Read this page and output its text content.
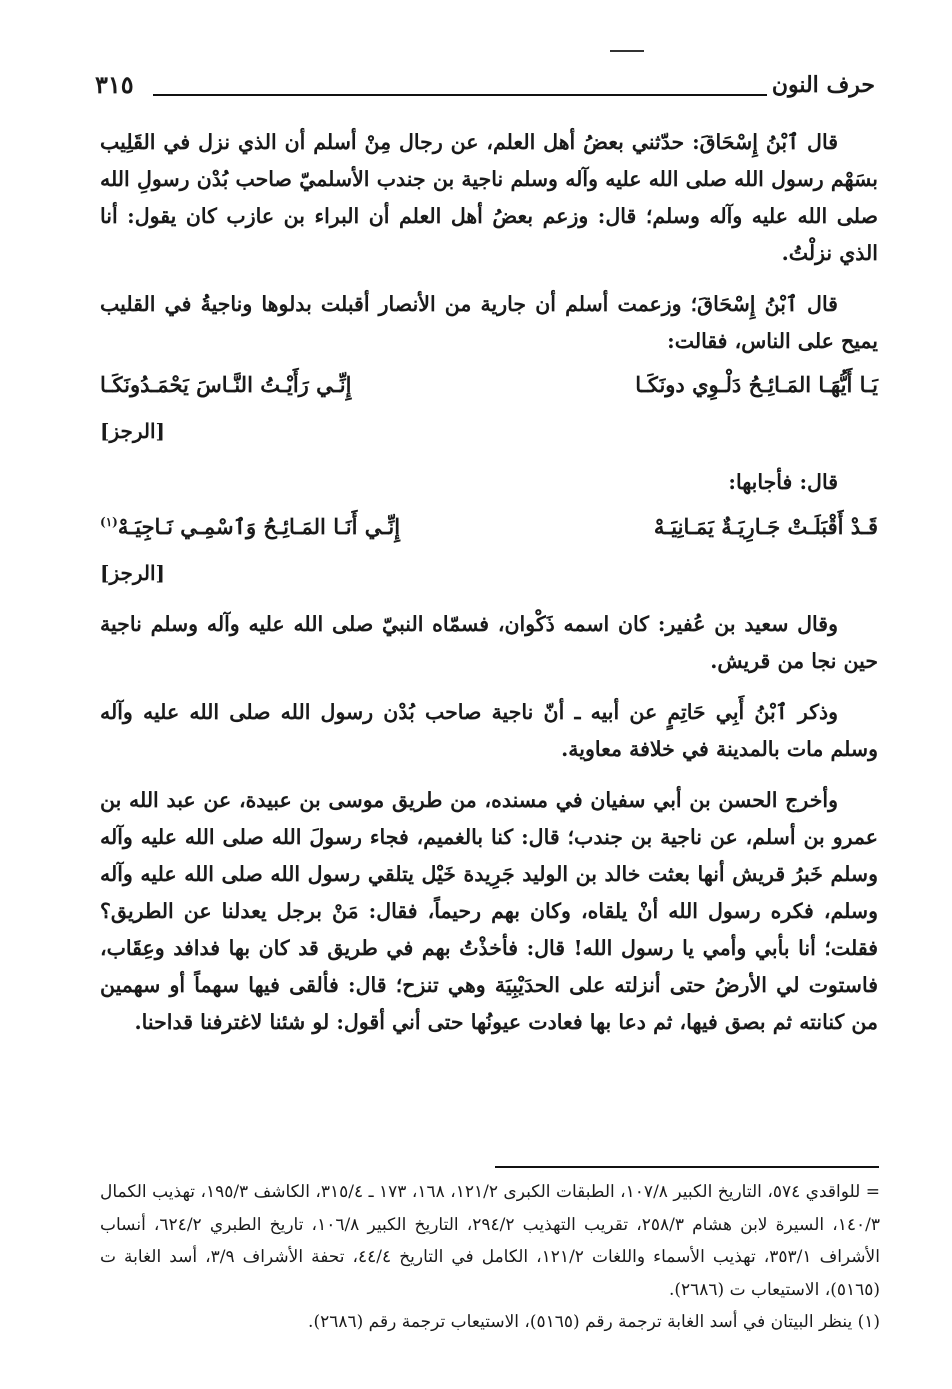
حرف النون
٣١٥

قال ٱبْنُ إِسْحَاقَ: حدّثني بعضُ أهل العلم، عن رجال مِنْ أسلم أن الذي نزل في القَلِيب بسَهْم رسول الله صلى الله عليه وآله وسلم ناجية بن جندب الأسلميّ صاحب بُدْن رسولِ الله صلى الله عليه وآله وسلم؛ قال: وزعم بعضُ أهل العلم أن البراء بن عازب كان يقول: أنا الذي نزلْتُ.

قال ٱبْنُ إِسْحَاقَ؛ وزعمت أسلم أن جارية من الأنصار أقبلت بدلوها وناجيةُ في القليب يميح على الناس، فقالت:

يَـا أَيُّهَـا المَـائِـحُ دَلْـوِي دونَكَـا
إِنِّـي رَأَيْـتُ النَّـاسَ يَحْمَـدُونَكَـا
[الرجز]
قال: فأجابها:
قَـدْ أَقْبَلَـتْ جَـارِيَـةٌ يَمَـانِيَـهْ
إِنِّـي أَنَـا المَـائِـحُ وَٱسْمِـي نَـاجِيَـهْ$^{(١)}$
[الرجز]

وقال سعيد بن عُفير: كان اسمه ذَكْوان، فسمّاه النبيّ صلى الله عليه وآله وسلم ناجية حين نجا من قريش.

وذكر ٱبْنُ أَبِي حَاتِمٍ عن أبيه ـ أنّ ناجية صاحب بُدْن رسول الله صلى الله عليه وآله وسلم مات بالمدينة في خلافة معاوية.

وأخرج الحسن بن أبي سفيان في مسنده، من طريق موسى بن عبيدة، عن عبد الله بن عمرو بن أسلم، عن ناجية بن جندب؛ قال: كنا بالغميم، فجاء رسولَ الله صلى الله عليه وآله وسلم خَبرُ قريش أنها بعثت خالد بن الوليد جَرِيدة خَيْل يتلقي رسول الله صلى الله عليه وآله وسلم، فكره رسول الله أنْ يلقاه، وكان بهم رحيماً، فقال: مَنْ برجل يعدلنا عن الطريق؟ فقلت؛ أنا بأبي وأمي يا رسول الله! قال: فأخذْتُ بهم في طريق قد كان بها فدافد وعِقَاب، فاستوت لي الأرضُ حتى أنزلته على الحدَيْبِيَة وهي تنزح؛ قال: فألقى فيها سهماً أو سهمين من كنانته ثم بصق فيها، ثم دعا بها فعادت عيونُها حتى أني أقول: لو شئنا لاغترفنا قداحنا.

= للواقدي ٥٧٤، التاريخ الكبير ١٠٧/٨، الطبقات الكبرى ١٢١/٢، ١٦٨، ١٧٣ ـ ٣١٥/٤، الكاشف ١٩٥/٣، تهذيب الكمال ١٤٠/٣، السيرة لابن هشام ٢٥٨/٣، تقريب التهذيب ٢٩٤/٢، التاريخ الكبير ١٠٦/٨، تاريخ الطبري ٦٢٤/٢، أنساب الأشراف ٣٥٣/١، تهذيب الأسماء واللغات ١٢١/٢، الكامل في التاريخ ٤٤/٤، تحفة الأشراف ٣/٩، أسد الغابة ت (٥١٦٥)، الاستيعاب ت (٢٦٨٦).

(١) ينظر البيتان في أسد الغابة ترجمة رقم (٥١٦٥)، الاستيعاب ترجمة رقم (٢٦٨٦).
